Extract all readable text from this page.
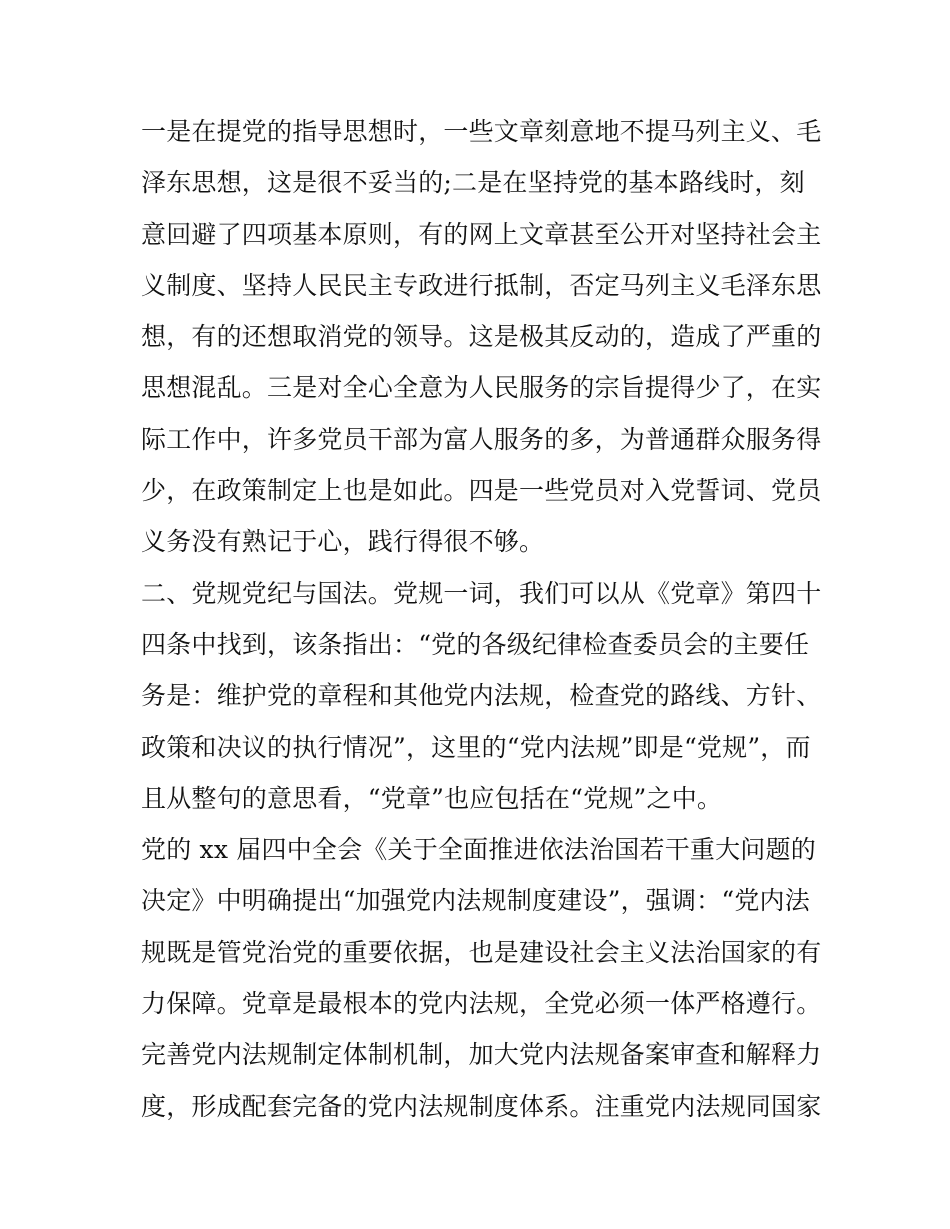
一是在提党的指导思想时，一些文章刻意地不提马列主义、毛
泽东思想，这是很不妥当的;二是在坚持党的基本路线时，刻
意回避了四项基本原则，有的网上文章甚至公开对坚持社会主
义制度、坚持人民民主专政进行抵制，否定马列主义毛泽东思
想，有的还想取消党的领导。这是极其反动的，造成了严重的
思想混乱。三是对全心全意为人民服务的宗旨提得少了，在实
际工作中，许多党员干部为富人服务的多，为普通群众服务得
少，在政策制定上也是如此。四是一些党员对入党誓词、党员
义务没有熟记于心，践行得很不够。
二、党规党纪与国法。党规一词，我们可以从《党章》第四十
四条中找到，该条指出：“党的各级纪律检查委员会的主要任
务是：维护党的章程和其他党内法规，检查党的路线、方针、
政策和决议的执行情况”，这里的“党内法规”即是“党规”，而
且从整句的意思看，“党章”也应包括在“党规”之中。
党的 xx 届四中全会《关于全面推进依法治国若干重大问题的
决定》中明确提出“加强党内法规制度建设”，强调：“党内法
规既是管党治党的重要依据，也是建设社会主义法治国家的有
力保障。党章是最根本的党内法规，全党必须一体严格遵行。
完善党内法规制定体制机制，加大党内法规备案审查和解释力
度，形成配套完备的党内法规制度体系。注重党内法规同国家
